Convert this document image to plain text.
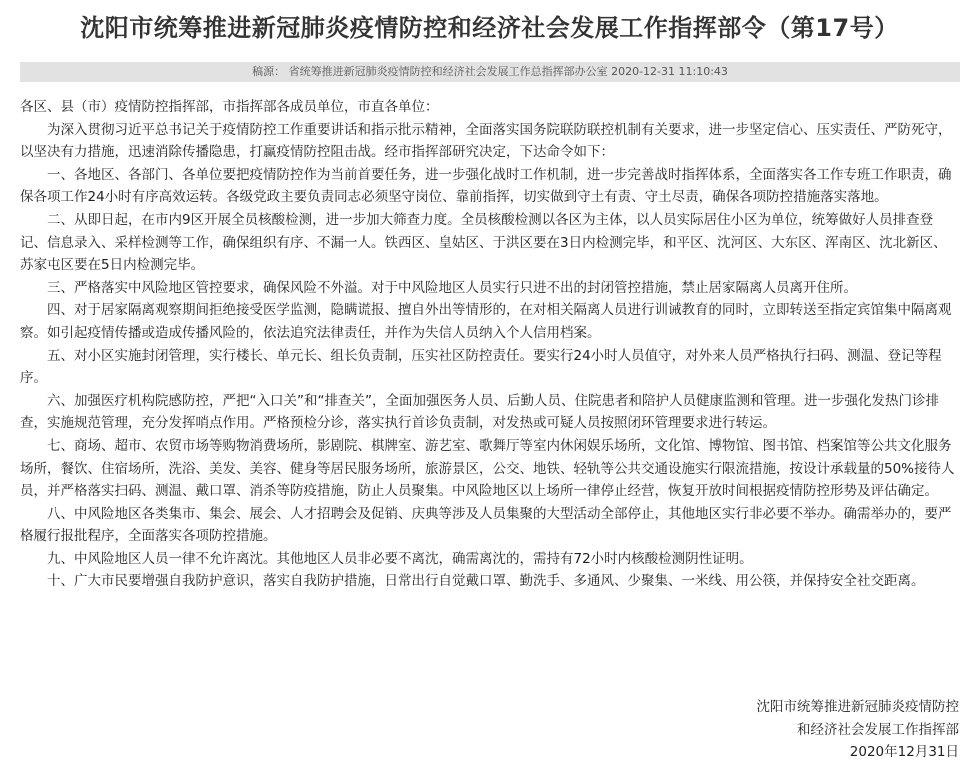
沈阳市统筹推进新冠肺炎疫情防控和经济社会发展工作指挥部令（第17号）
稿源： 省统筹推进新冠肺炎疫情防控和经济社会发展工作总指挥部办公室 2020-12-31 11:10:43

各区、县（市）疫情防控指挥部，市指挥部各成员单位，市直各单位：

为深入贯彻习近平总书记关于疫情防控工作重要讲话和指示批示精神，全面落实国务院联防联控机制有关要求，进一步坚定信心、压实责任、严防死守，以坚决有力措施，迅速消除传播隐患，打赢疫情防控阻击战。经市指挥部研究决定，下达命令如下：

一、各地区、各部门、各单位要把疫情防控作为当前首要任务，进一步强化战时工作机制，进一步完善战时指挥体系，全面落实各工作专班工作职责，确保各项工作24小时有序高效运转。各级党政主要负责同志必须坚守岗位、靠前指挥，切实做到守土有责、守土尽责，确保各项防控措施落实落地。

二、从即日起，在市内9区开展全员核酸检测，进一步加大筛查力度。全员核酸检测以各区为主体，以人员实际居住小区为单位，统筹做好人员排查登记、信息录入、采样检测等工作，确保组织有序、不漏一人。铁西区、皇姑区、于洪区要在3日内检测完毕，和平区、沈河区、大东区、浑南区、沈北新区、苏家屯区要在5日内检测完毕。

三、严格落实中风险地区管控要求，确保风险不外溢。对于中风险地区人员实行只进不出的封闭管控措施，禁止居家隔离人员离开住所。

四、对于居家隔离观察期间拒绝接受医学监测，隐瞒谎报、擅自外出等情形的，在对相关隔离人员进行训诫教育的同时，立即转送至指定宾馆集中隔离观察。如引起疫情传播或造成传播风险的，依法追究法律责任，并作为失信人员纳入个人信用档案。

五、对小区实施封闭管理，实行楼长、单元长、组长负责制，压实社区防控责任。要实行24小时人员值守，对外来人员严格执行扫码、测温、登记等程序。

六、加强医疗机构院感防控，严把“入口关”和“排查关”，全面加强医务人员、后勤人员、住院患者和陪护人员健康监测和管理。进一步强化发热门诊排查，实施规范管理，充分发挥哨点作用。严格预检分诊，落实执行首诊负责制，对发热或可疑人员按照闭环管理要求进行转运。

七、商场、超市、农贸市场等购物消费场所，影剧院、棋牌室、游艺室、歌舞厅等室内休闲娱乐场所，文化馆、博物馆、图书馆、档案馆等公共文化服务场所，餐饮、住宿场所，洗浴、美发、美容、健身等居民服务场所，旅游景区，公交、地铁、轻轨等公共交通设施实行限流措施，按设计承载量的50%接待人员，并严格落实扫码、测温、戴口罩、消杀等防疫措施，防止人员聚集。中风险地区以上场所一律停止经营，恢复开放时间根据疫情防控形势及评估确定。

八、中风险地区各类集市、集会、展会、人才招聘会及促销、庆典等涉及人员集聚的大型活动全部停止，其他地区实行非必要不举办。确需举办的，要严格履行报批程序，全面落实各项防控措施。

九、中风险地区人员一律不允许离沈。其他地区人员非必要不离沈，确需离沈的，需持有72小时内核酸检测阴性证明。

十、广大市民要增强自我防护意识，落实自我防护措施，日常出行自觉戴口罩、勤洗手、多通风、少聚集、一米线、用公筷，并保持安全社交距离。

沈阳市统筹推进新冠肺炎疫情防控
和经济社会发展工作指挥部
2020年12月31日
